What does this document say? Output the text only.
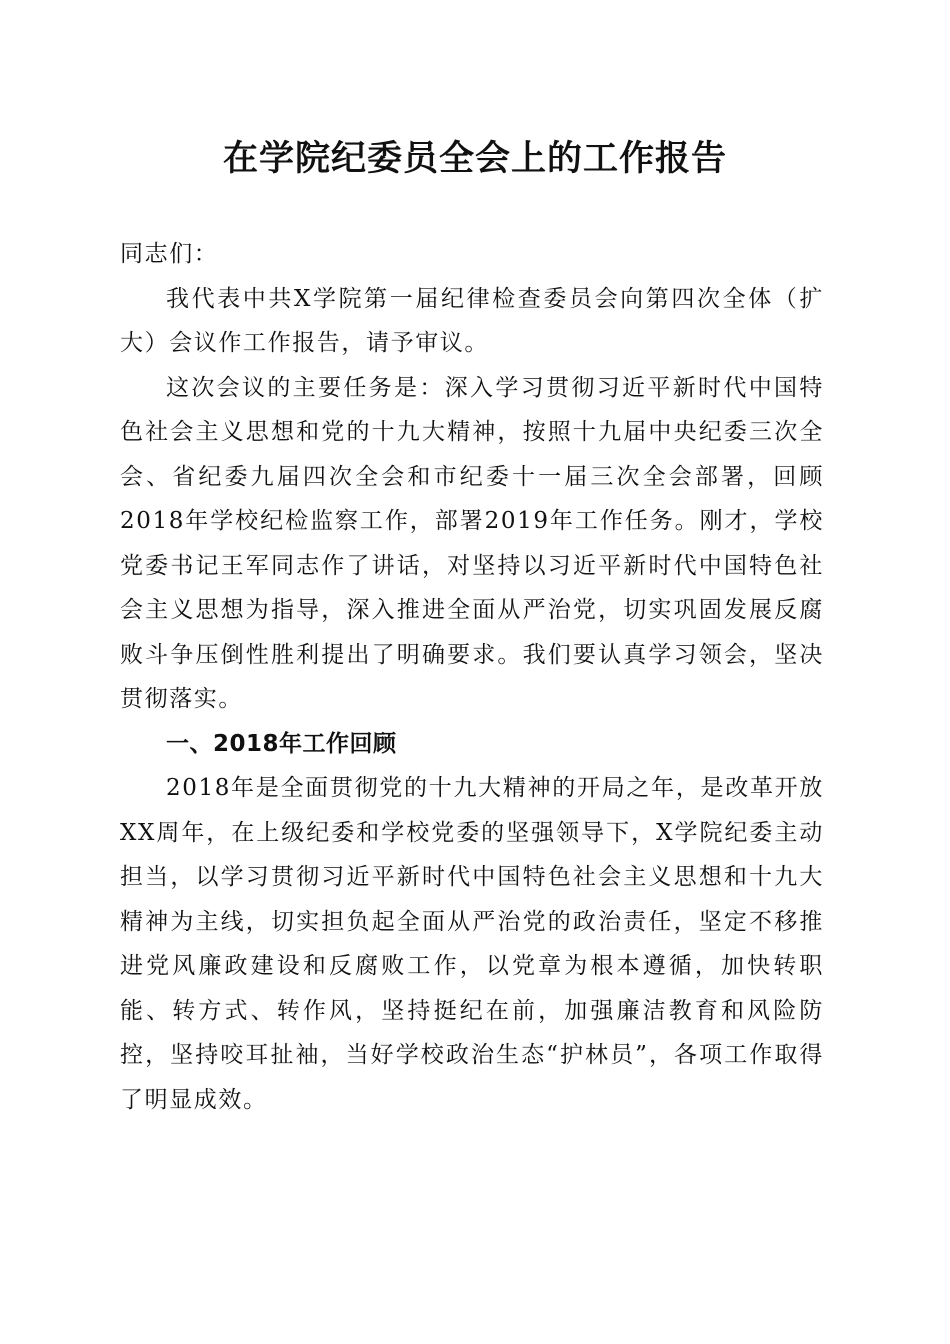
在学院纪委员全会上的工作报告

同志们：

我代表中共X学院第一届纪律检查委员会向第四次全体（扩大）会议作工作报告，请予审议。

这次会议的主要任务是：深入学习贯彻习近平新时代中国特色社会主义思想和党的十九大精神，按照十九届中央纪委三次全会、省纪委九届四次全会和市纪委十一届三次全会部署，回顾2018年学校纪检监察工作，部署2019年工作任务。刚才，学校党委书记王军同志作了讲话，对坚持以习近平新时代中国特色社会主义思想为指导，深入推进全面从严治党，切实巩固发展反腐败斗争压倒性胜利提出了明确要求。我们要认真学习领会，坚决贯彻落实。

一、2018年工作回顾

2018年是全面贯彻党的十九大精神的开局之年，是改革开放XX周年，在上级纪委和学校党委的坚强领导下，X学院纪委主动担当，以学习贯彻习近平新时代中国特色社会主义思想和十九大精神为主线，切实担负起全面从严治党的政治责任，坚定不移推进党风廉政建设和反腐败工作，以党章为根本遵循，加快转职能、转方式、转作风，坚持挺纪在前，加强廉洁教育和风险防控，坚持咬耳扯袖，当好学校政治生态“护林员”，各项工作取得了明显成效。
